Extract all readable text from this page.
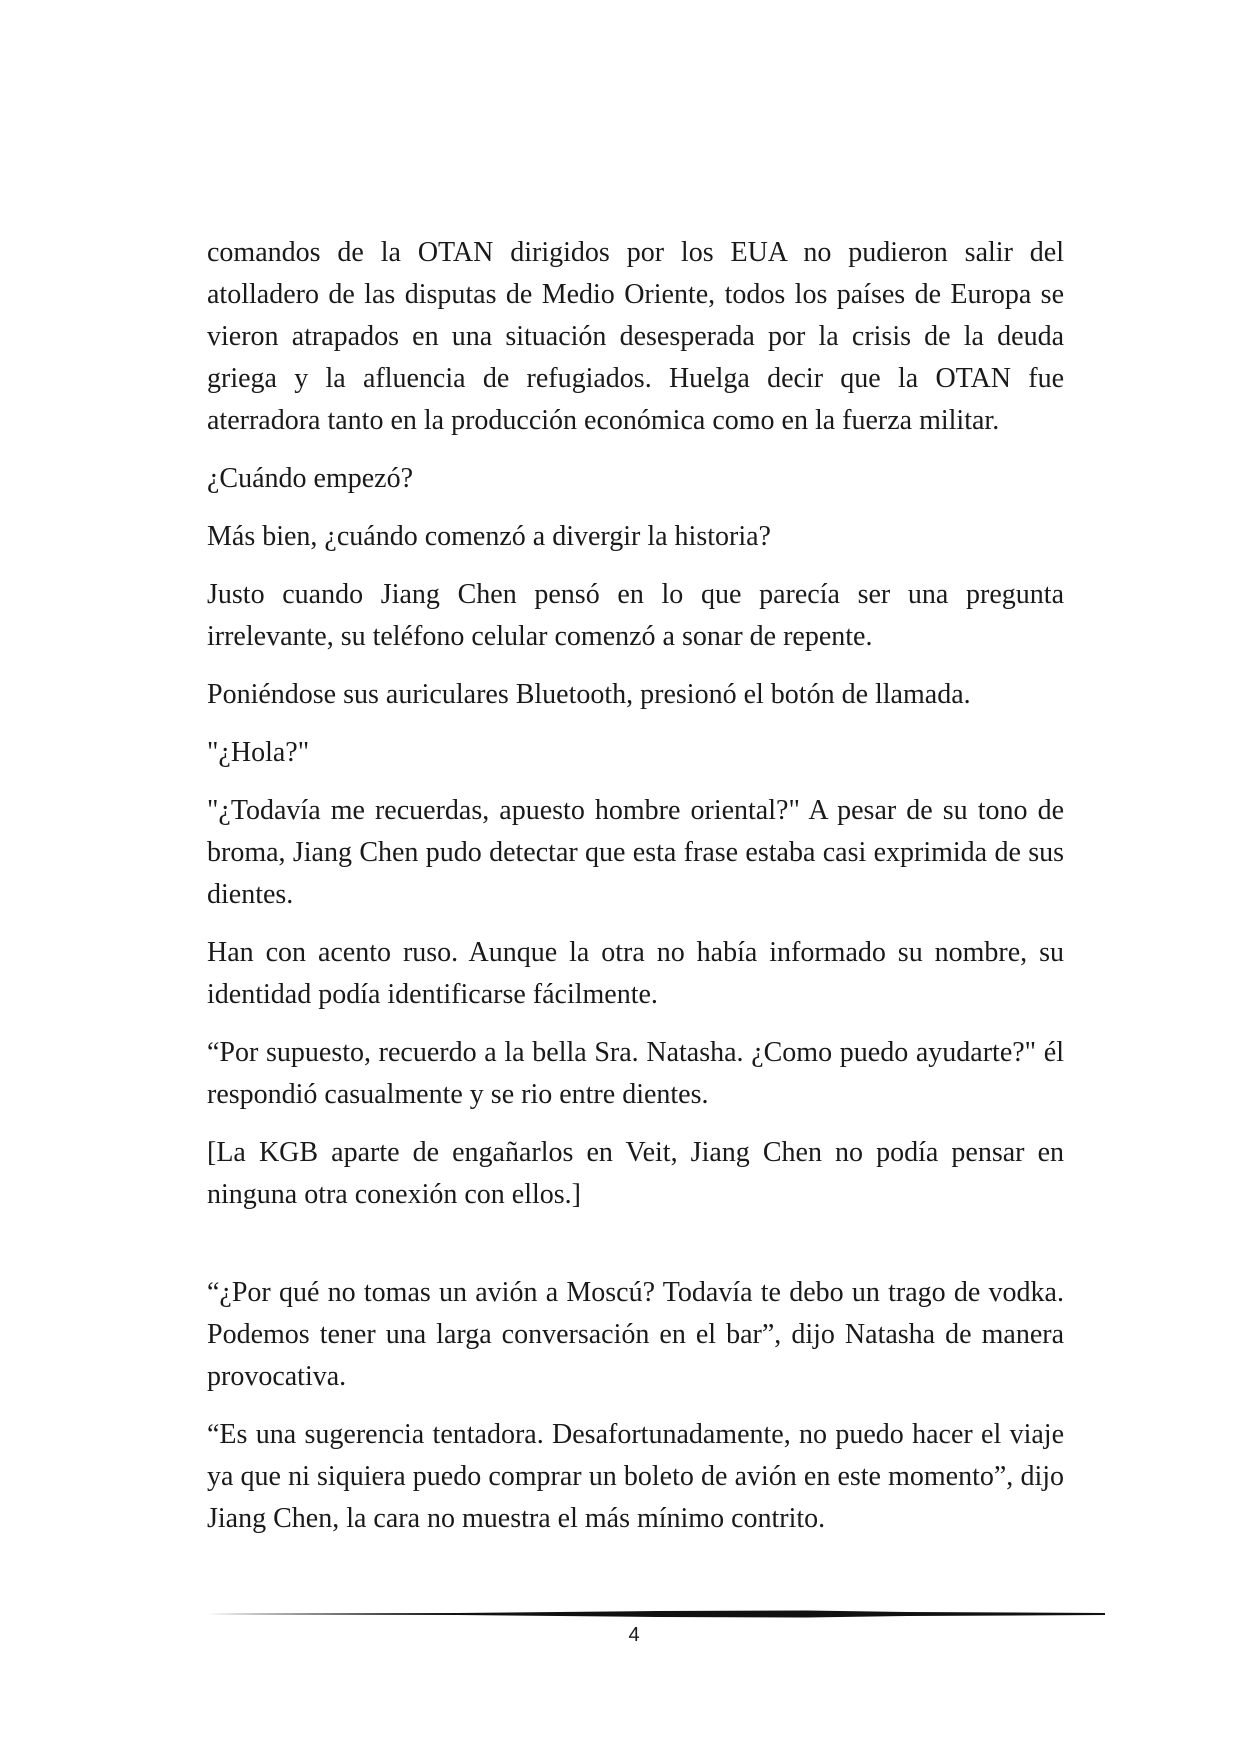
comandos de la OTAN dirigidos por los EUA no pudieron salir del atolladero de las disputas de Medio Oriente, todos los países de Europa se vieron atrapados en una situación desesperada por la crisis de la deuda griega y la afluencia de refugiados. Huelga decir que la OTAN fue aterradora tanto en la producción económica como en la fuerza militar.

¿Cuándo empezó?

Más bien, ¿cuándo comenzó a divergir la historia?

Justo cuando Jiang Chen pensó en lo que parecía ser una pregunta irrelevante, su teléfono celular comenzó a sonar de repente.

Poniéndose sus auriculares Bluetooth, presionó el botón de llamada.

"¿Hola?"

"¿Todavía me recuerdas, apuesto hombre oriental?" A pesar de su tono de broma, Jiang Chen pudo detectar que esta frase estaba casi exprimida de sus dientes.

Han con acento ruso. Aunque la otra no había informado su nombre, su identidad podía identificarse fácilmente.

“Por supuesto, recuerdo a la bella Sra. Natasha. ¿Como puedo ayudarte?" él respondió casualmente y se rio entre dientes.

[La KGB aparte de engañarlos en Veit, Jiang Chen no podía pensar en ninguna otra conexión con ellos.]

“¿Por qué no tomas un avión a Moscú? Todavía te debo un trago de vodka. Podemos tener una larga conversación en el bar”, dijo Natasha de manera provocativa.

“Es una sugerencia tentadora. Desafortunadamente, no puedo hacer el viaje ya que ni siquiera puedo comprar un boleto de avión en este momento”, dijo Jiang Chen, la cara no muestra el más mínimo contrito.

4
